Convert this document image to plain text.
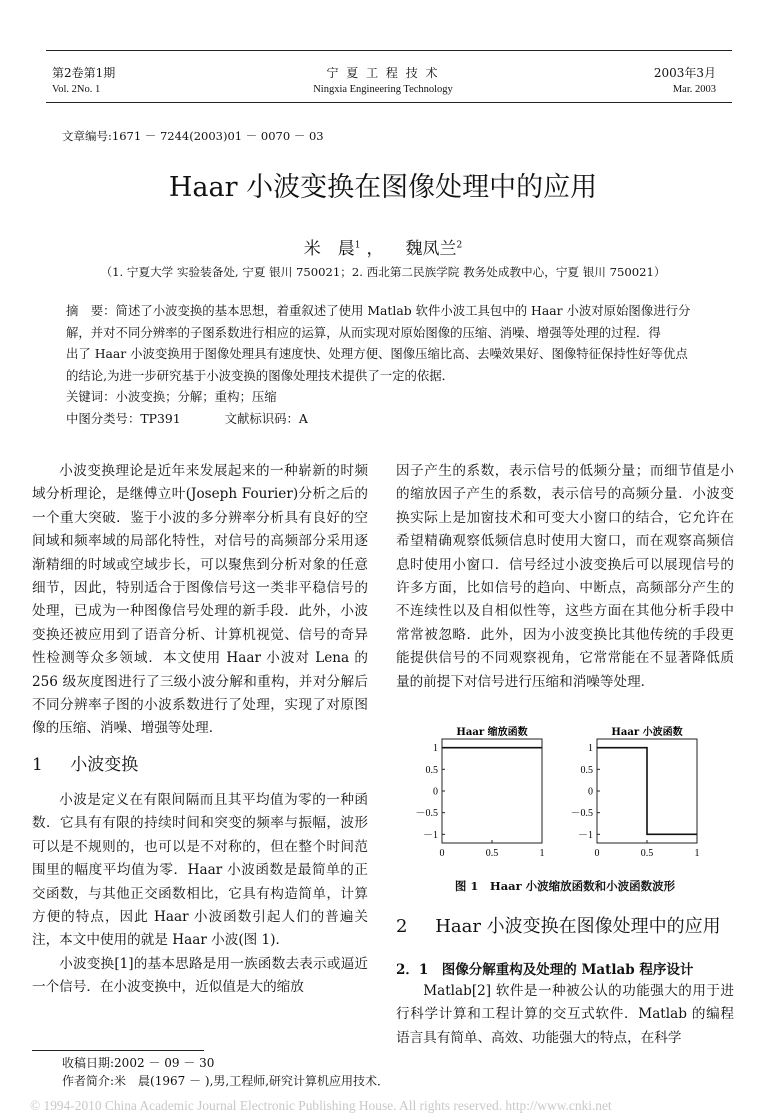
第2卷第1期
Vol. 2No. 1
宁 夏 工 程 技 术
Ningxia Engineering Technology
2003年3月
Mar. 2003
文章编号:1671 － 7244(2003)01 － 0070 － 03
Haar 小波变换在图像处理中的应用
米　晨$^1$ ， 魏凤兰$^2$
（1. 宁夏大学 实验装备处, 宁夏 银川 750021；2. 西北第二民族学院 教务处成教中心，宁夏 银川 750021）
摘　要：简述了小波变换的基本思想，着重叙述了使用 Matlab 软件小波工具包中的 Haar 小波对原始图像进行分
解，并对不同分辨率的子图系数进行相应的运算，从而实现对原始图像的压缩、消噪、增强等处理的过程．得
出了 Haar 小波变换用于图像处理具有速度快、处理方便、图像压缩比高、去噪效果好、图像特征保持性好等优点
的结论,为进一步研究基于小波变换的图像处理技术提供了一定的依据．
关键词：小波变换；分解；重构；压缩
中图分类号：TP391	文献标识码：A

小波变换理论是近年来发展起来的一种崭新的时频域分析理论，是继傅立叶(Joseph Fourier)分析之后的一个重大突破．鉴于小波的多分辨率分析具有良好的空间域和频率域的局部化特性，对信号的高频部分采用逐渐精细的时域或空域步长，可以聚焦到分析对象的任意细节，因此，特别适合于图像信号这一类非平稳信号的处理，已成为一种图像信号处理的新手段．此外，小波变换还被应用到了语音分析、计算机视觉、信号的奇异性检测等众多领域．本文使用 Haar 小波对 Lena 的 256 级灰度图进行了三级小波分解和重构，并对分解后不同分辨率子图的小波系数进行了处理，实现了对原图像的压缩、消噪、增强等处理．

1 小波变换

小波是定义在有限间隔而且其平均值为零的一种函数．它具有有限的持续时间和突变的频率与振幅，波形可以是不规则的，也可以是不对称的，但在整个时间范围里的幅度平均值为零．Haar 小波函数是最简单的正交函数，与其他正交函数相比，它具有构造简单，计算方便的特点，因此 Haar 小波函数引起人们的普遍关注，本文中使用的就是 Haar 小波(图 1)．

小波变换[1]的基本思路是用一族函数去表示或逼近一个信号．在小波变换中，近似值是大的缩放

因子产生的系数，表示信号的低频分量；而细节值是小的缩放因子产生的系数，表示信号的高频分量．小波变换实际上是加窗技术和可变大小窗口的结合，它允许在希望精确观察低频信息时使用大窗口，而在观察高频信息时使用小窗口．信号经过小波变换后可以展现信号的许多方面，比如信号的趋向、中断点，高频部分产生的不连续性以及自相似性等，这些方面在其他分析手段中常常被忽略．此外，因为小波变换比其他传统的手段更能提供信号的不同观察视角，它常常能在不显著降低质量的前提下对信号进行压缩和消噪等处理．

Haar 缩放函数
1
0.5
0
－0.5
－1
0	0.5	1
Haar 小波函数
1
0.5
0
－0.5
－1
0	0.5	1
图 1　Haar 小波缩放函数和小波函数波形
2 Haar 小波变换在图像处理中的应用
2．1　图像分解重构及处理的 Matlab 程序设计

Matlab[2] 软件是一种被公认的功能强大的用于进行科学计算和工程计算的交互式软件．Matlab 的编程语言具有简单、高效、功能强大的特点，在科学

收稿日期:2002 － 09 － 30
作者简介:米　晨(1967 － ),男,工程师,研究计算机应用技术．
© 1994-2010 China Academic Journal Electronic Publishing House. All rights reserved. http://www.cnki.net
